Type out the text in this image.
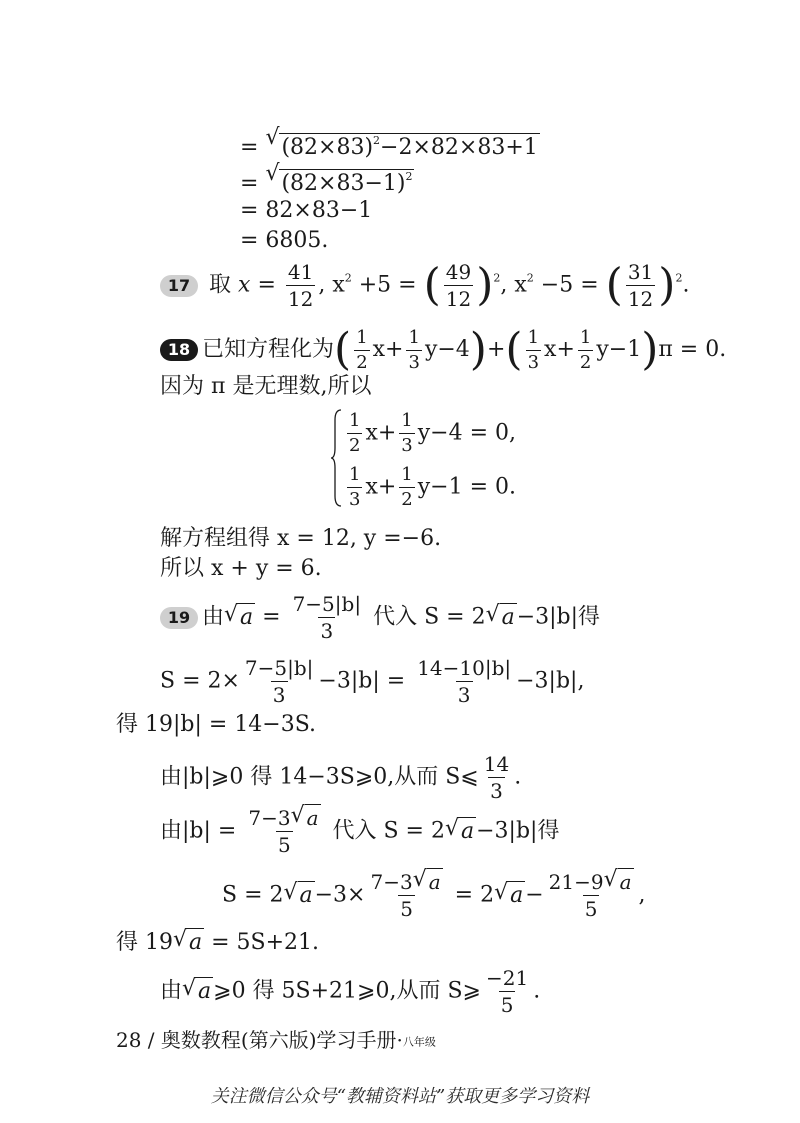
= √ $(82\times 83)^2-2\times 82\times 83+1$
= √ $(82\times 83-1)^2$
= 82×83−1
= 6805.
17 取 $x = \frac{41}{12}$ , $x^2 +5$ = ( $\frac{49}{12} )^2$, $x^2 -5$ = ( $\frac{31}{12} )^2$.
18 已知方程化为( $\frac{1}{2} x+ \frac{1}{3} y-4)+( \frac{1}{3} x+ \frac{1}{2} y-1)\pi = 0$.
因为 π 是无理数,所以
$\frac{1}{2} x+ \frac{1}{3} y-4 = 0$,
$\frac{1}{3} x+ \frac{1}{2} y-1 = 0$.
解方程组得 x = 12, y =−6.
所以 x + y = 6.
19 由 √ $a = \frac{7-5|b|}{3}$ 代入 S = 2 √ a−3|b|得
$S = 2\times \frac{7-5|b|}{3} -3|b| = \frac{14-10|b|}{3} -3|b|$,
得 19|b| = 14−3S.
由|b|⩾0 得 14−3S⩾0,从而 S⩽ $\frac{14}{3}$ .
由$|b| = \frac{7-3 √ a}{5}$ 代入 S = 2 √ a−3|b|得
S = 2 √ $a-3\times \frac{7-3 √ a}{5} = 2$ √ $a- \frac{21-9 √ a}{5}$ ,
得 19 √ a = 5S+21.
由 √ a⩾0 得 5S+21⩾0,从而 S⩾ $\frac{-21}{5}$ .
28 / 奥数教程(第六版)学习手册·八年级
关注微信公众号“教辅资料站”获取更多学习资料
